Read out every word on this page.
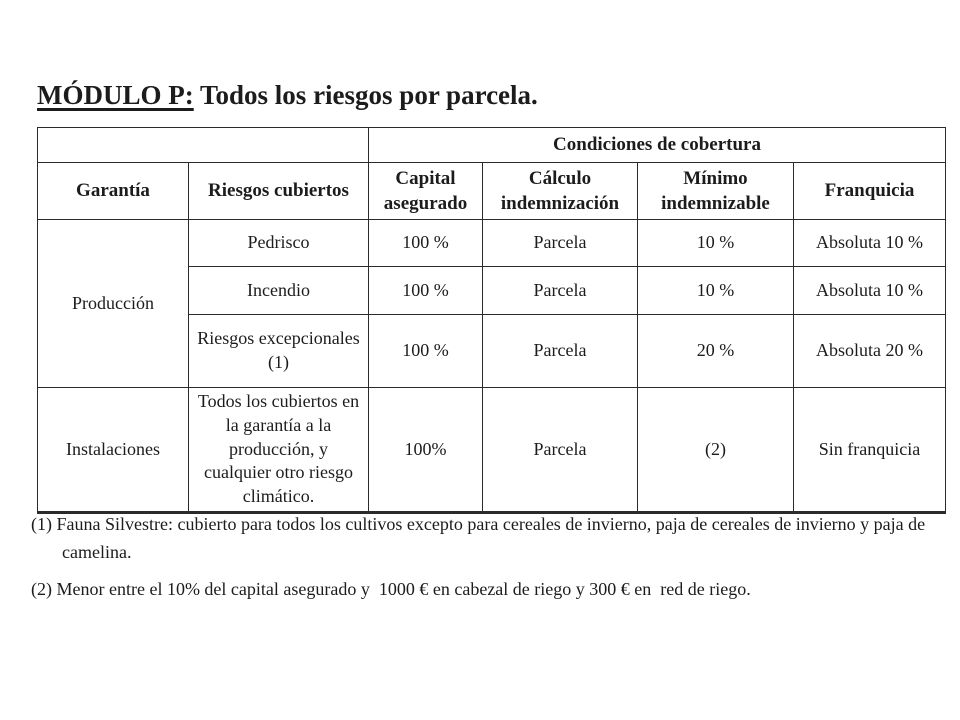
MÓDULO P: Todos los riesgos por parcela.
		Condiciones de cobertura			
Garantía	Riesgos cubiertos	Capital asegurado	Cálculo indemnización	Mínimo indemnizable	Franquicia
Producción	Pedrisco	100 %	Parcela	10 %	Absoluta 10 %
	Incendio	100 %	Parcela	10 %	Absoluta 10 %
	Riesgos excepcionales (1)	100 %	Parcela	20 %	Absoluta 20 %
Instalaciones	Todos los cubiertos en la garantía a la producción, y cualquier otro riesgo climático.	100%	Parcela	(2)	Sin franquicia
(1) Fauna Silvestre: cubierto para todos los cultivos excepto para cereales de invierno, paja de cereales de invierno y paja de camelina.
(2) Menor entre el 10% del capital asegurado y  1000 € en cabezal de riego y 300 € en  red de riego.
